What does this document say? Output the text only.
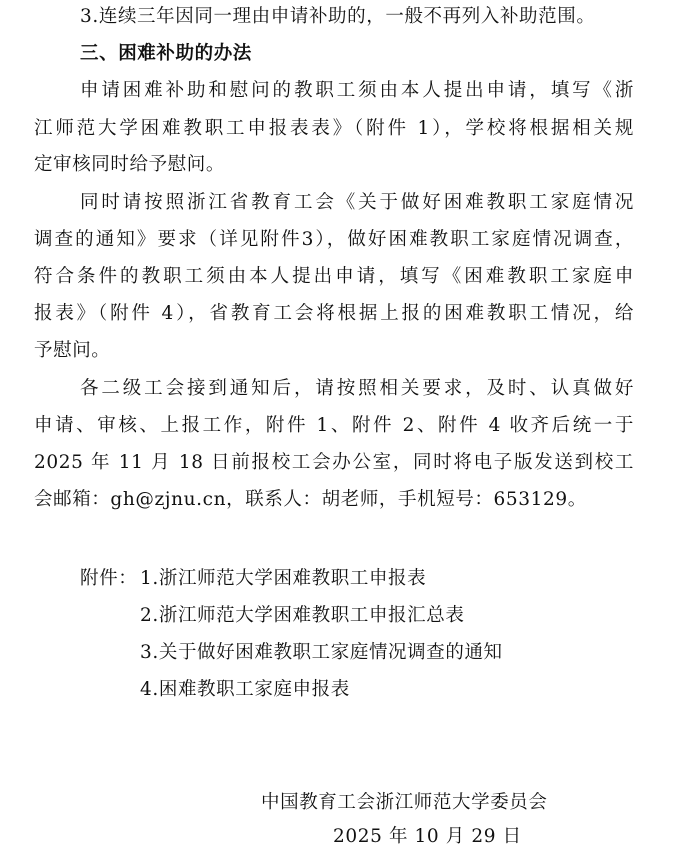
3.连续三年因同一理由申请补助的，一般不再列入补助范围。
三、困难补助的办法
申请困难补助和慰问的教职工须由本人提出申请，填写《浙
江师范大学困难教职工申报表表》（附件 1），学校将根据相关规
定审核同时给予慰问。
同时请按照浙江省教育工会《关于做好困难教职工家庭情况
调查的通知》要求（详见附件3），做好困难教职工家庭情况调查，
符合条件的教职工须由本人提出申请，填写《困难教职工家庭申
报表》（附件 4），省教育工会将根据上报的困难教职工情况，给
予慰问。
各二级工会接到通知后，请按照相关要求，及时、认真做好
申请、审核、上报工作，附件 1、附件 2、附件 4 收齐后统一于
2025 年 11 月 18 日前报校工会办公室，同时将电子版发送到校工
会邮箱：gh@zjnu.cn，联系人：胡老师，手机短号：653129。
附件： 1.浙江师范大学困难教职工申报表
2.浙江师范大学困难教职工申报汇总表
3.关于做好困难教职工家庭情况调查的通知
4.困难教职工家庭申报表
中国教育工会浙江师范大学委员会
2025 年 10 月 29 日
